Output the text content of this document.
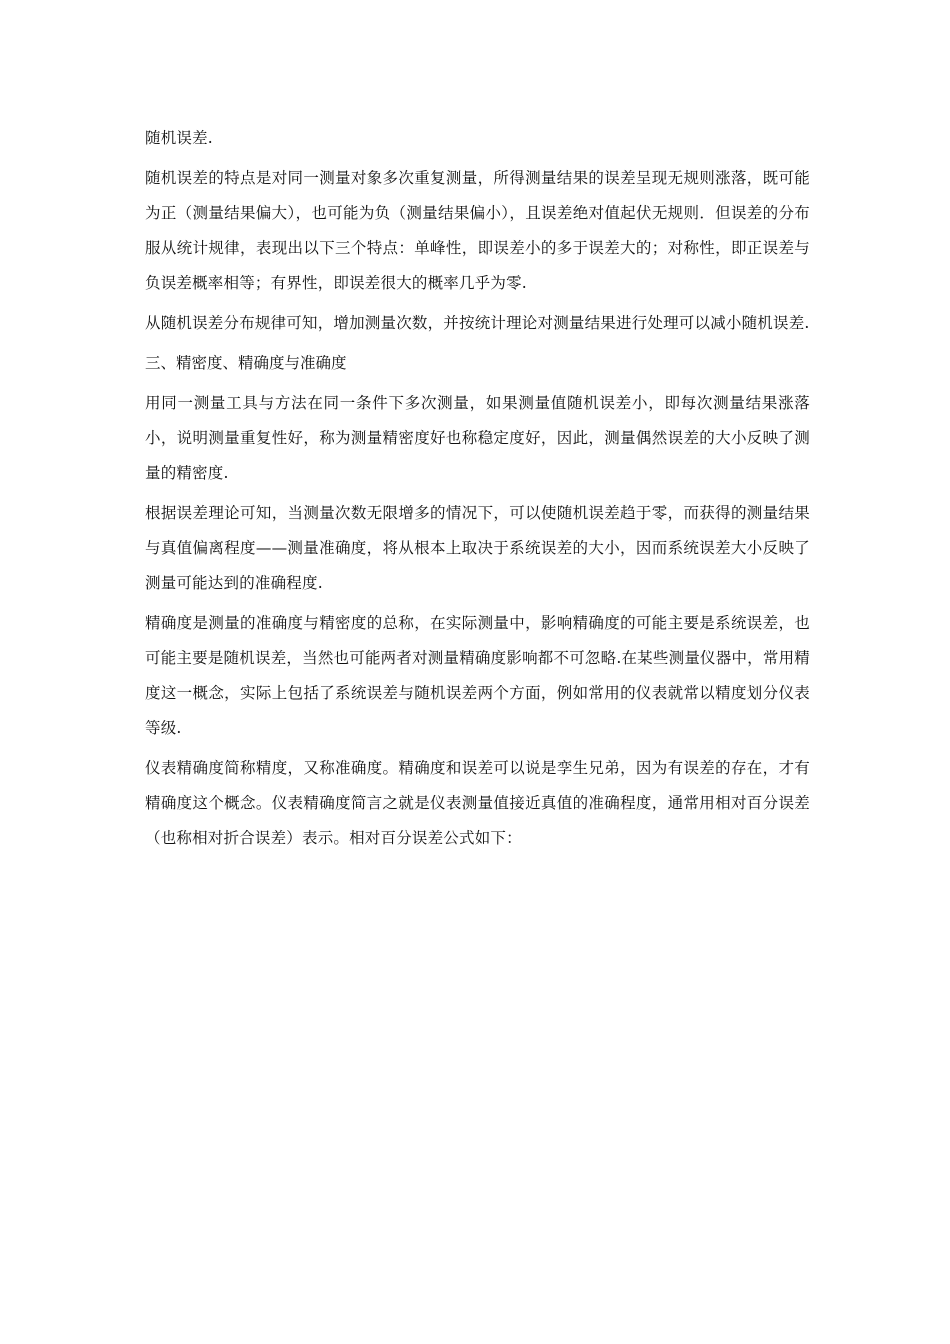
随机误差.

随机误差的特点是对同一测量对象多次重复测量，所得测量结果的误差呈现无规则涨落，既可能为正（测量结果偏大），也可能为负（测量结果偏小），且误差绝对值起伏无规则．但误差的分布服从统计规律，表现出以下三个特点：单峰性，即误差小的多于误差大的；对称性，即正误差与负误差概率相等；有界性，即误差很大的概率几乎为零.

从随机误差分布规律可知，增加测量次数，并按统计理论对测量结果进行处理可以减小随机误差.

三、精密度、精确度与准确度

用同一测量工具与方法在同一条件下多次测量，如果测量值随机误差小，即每次测量结果涨落小，说明测量重复性好，称为测量精密度好也称稳定度好，因此，测量偶然误差的大小反映了测量的精密度.

根据误差理论可知，当测量次数无限增多的情况下，可以使随机误差趋于零，而获得的测量结果与真值偏离程度——测量准确度，将从根本上取决于系统误差的大小，因而系统误差大小反映了测量可能达到的准确程度.

精确度是测量的准确度与精密度的总称，在实际测量中，影响精确度的可能主要是系统误差，也可能主要是随机误差，当然也可能两者对测量精确度影响都不可忽略.在某些测量仪器中，常用精度这一概念，实际上包括了系统误差与随机误差两个方面，例如常用的仪表就常以精度划分仪表等级.

仪表精确度简称精度，又称准确度。精确度和误差可以说是孪生兄弟，因为有误差的存在，才有精确度这个概念。仪表精确度简言之就是仪表测量值接近真值的准确程度，通常用相对百分误差（也称相对折合误差）表示。相对百分误差公式如下：
